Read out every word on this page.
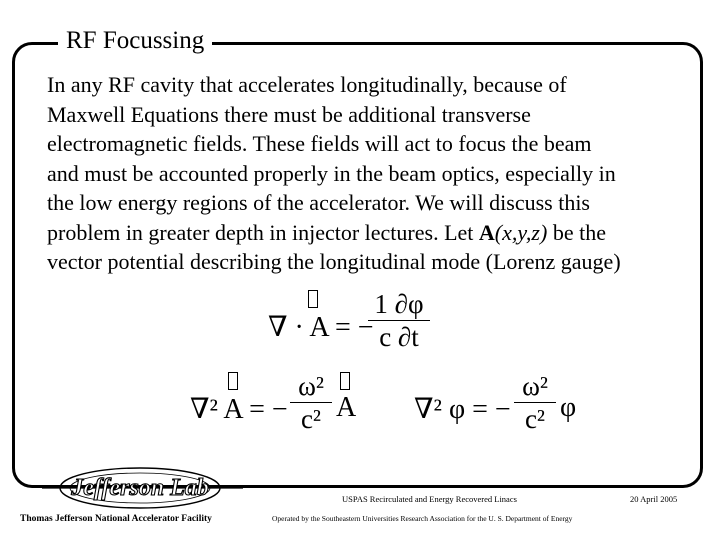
RF Focussing
In any RF cavity that accelerates longitudinally, because of
Maxwell Equations there must be additional transverse
electromagnetic fields. These fields will act to focus the beam
and must be accounted properly in the beam optics, especially in
the low energy regions of the accelerator. We will discuss this
problem in greater depth in injector lectures. Let A(x,y,z) be the
vector potential describing the longitudinal mode (Lorenz gauge)
∇ · A = −
1 ∂φ
c ∂t
∇² A = −
ω²
c² A ∇² φ = −
ω²
c² φ
Jefferson Lab	USPAS Recirculated and Energy Recovered Linacs	20 April 2005
Thomas Jefferson National Accelerator Facility	Operated by the Southeastern Universities Research Association for the U. S. Department of Energy
